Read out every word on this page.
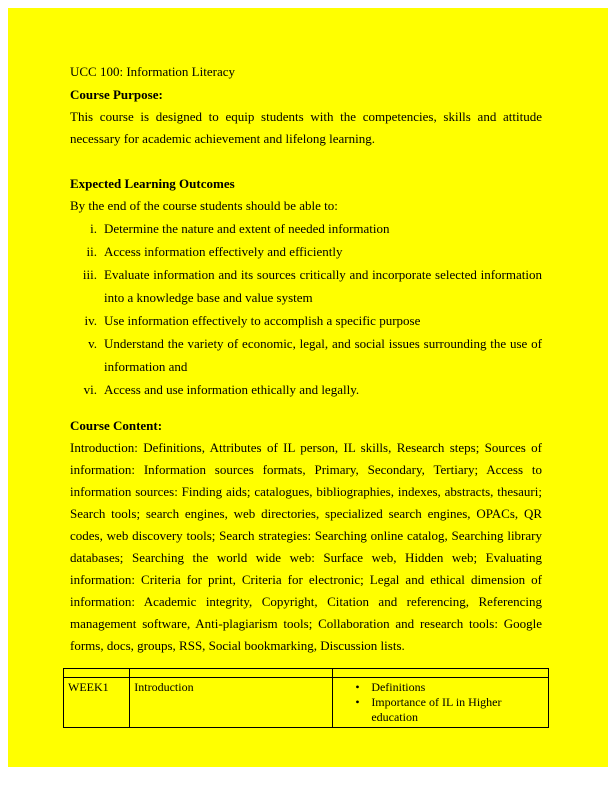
UCC 100: Information Literacy

Course Purpose:

This course is designed to equip students with the competencies, skills and attitude necessary for academic achievement and lifelong learning.

Expected Learning Outcomes

By the end of the course students should be able to:

i. Determine the nature and extent of needed information
ii. Access information effectively and efficiently
iii. Evaluate information and its sources critically and incorporate selected information into a knowledge base and value system
iv. Use information effectively to accomplish a specific purpose
v. Understand the variety of economic, legal, and social issues surrounding the use of information and
vi. Access and use information ethically and legally.

Course Content:

Introduction: Definitions, Attributes of IL person, IL skills, Research steps; Sources of information: Information sources formats, Primary, Secondary, Tertiary; Access to information sources: Finding aids; catalogues, bibliographies, indexes, abstracts, thesauri; Search tools; search engines, web directories, specialized search engines, OPACs, QR codes, web discovery tools; Search strategies: Searching online catalog, Searching library databases; Searching the world wide web: Surface web, Hidden web; Evaluating information: Criteria for print, Criteria for electronic; Legal and ethical dimension of information: Academic integrity, Copyright, Citation and referencing, Referencing management software, Anti-plagiarism tools; Collaboration and research tools: Google forms, docs, groups, RSS, Social bookmarking, Discussion lists.

WEEK1	Introduction	• Definitions
• Importance of IL in Higher education
